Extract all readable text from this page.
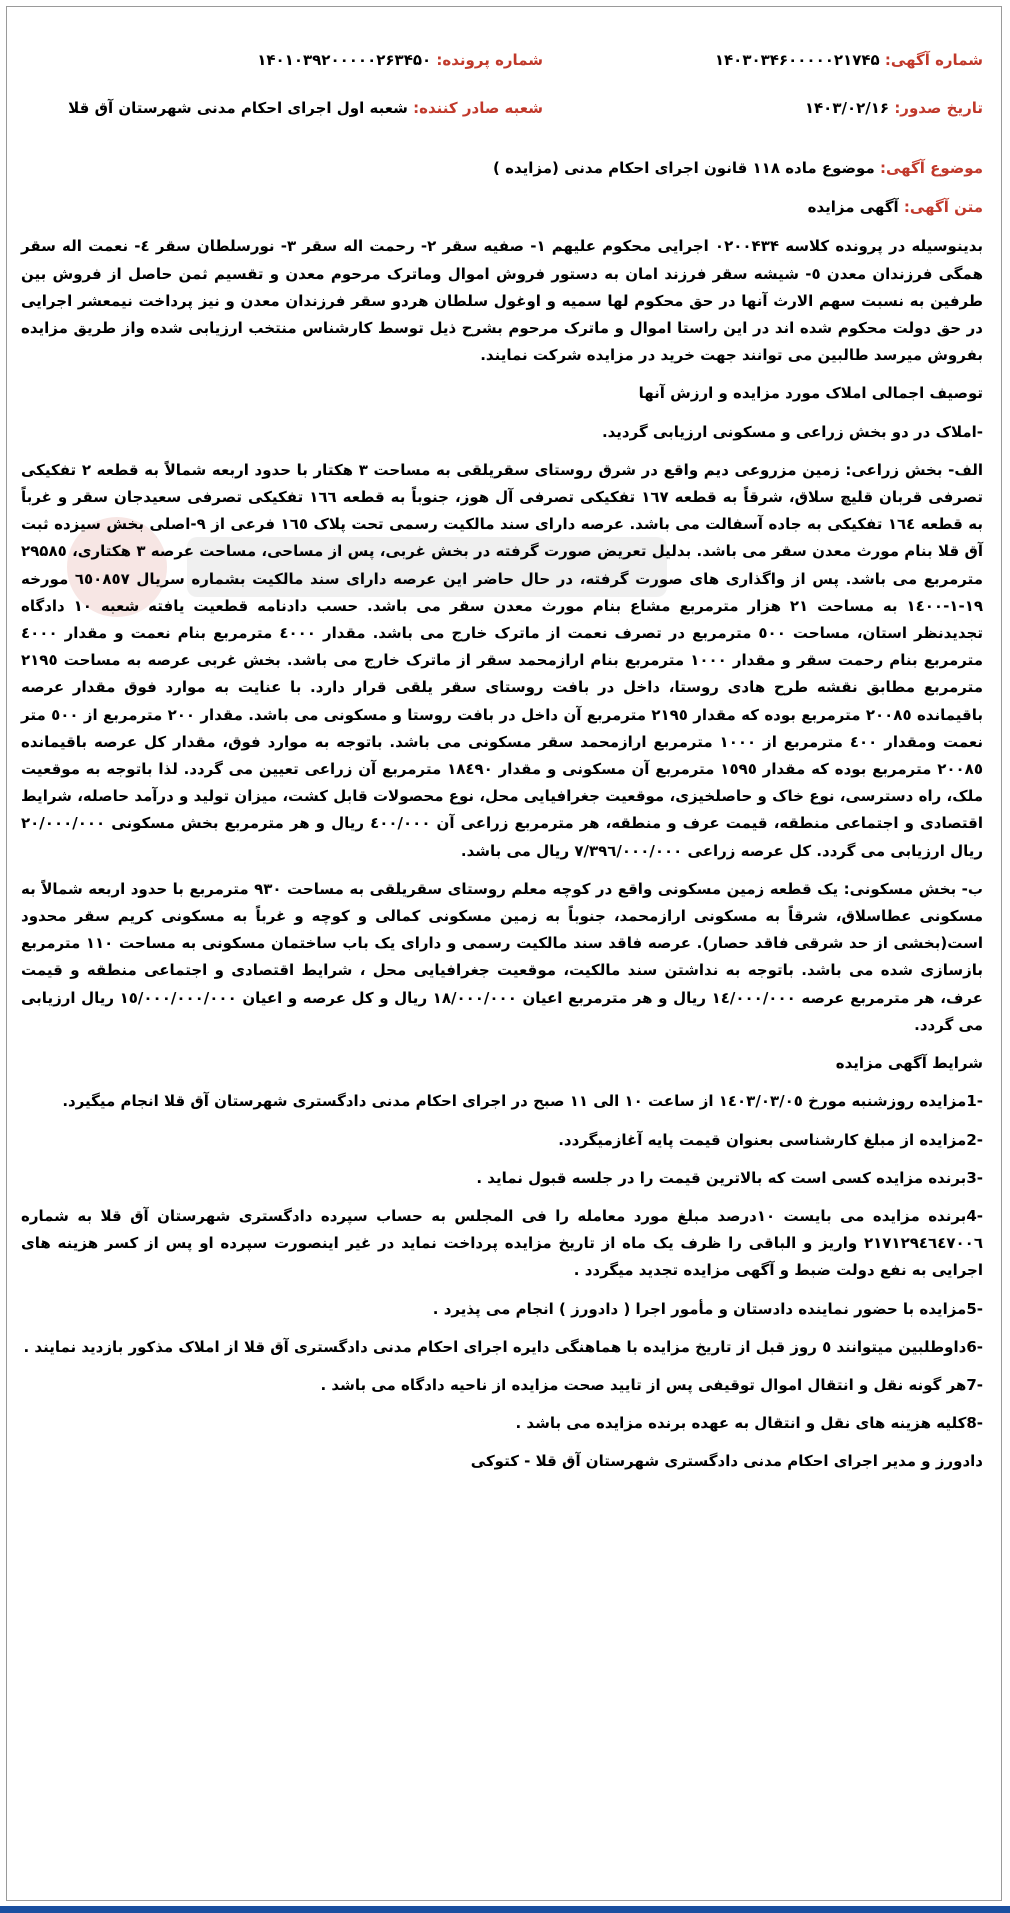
شماره آگهی: ۱۴۰۳۰۳۴۶۰۰۰۰۰۲۱۷۴۵
شماره پرونده: ۱۴۰۱۰۳۹۲۰۰۰۰۰۲۶۳۴۵۰
تاریخ صدور: ۱۴۰۳/۰۲/۱۶
شعبه صادر کننده: شعبه اول اجرای احکام مدنی شهرستان آق قلا
موضوع آگهی: موضوع ماده ۱۱۸ قانون اجرای احکام مدنی (مزایده )
متن آگهی: آگهی مزایده

بدینوسیله در پرونده کلاسه ۰۲۰۰۴۳۴ اجرایی محکوم علیهم ۱- صفیه سقر ۲- رحمت اله سقر ۳- نورسلطان سقر ٤- نعمت اله سقر همگی فرزندان معدن ٥- شیشه سقر فرزند امان به دستور فروش اموال وماترک مرحوم معدن و تقسیم ثمن حاصل از فروش بین طرفین به نسبت سهم الارث آنها در حق محکوم لها سمیه و اوغول سلطان هردو سقر فرزندان معدن و نیز پرداخت نیمعشر اجرایی در حق دولت محکوم شده اند در این راستا اموال و ماترک مرحوم بشرح ذیل توسط کارشناس منتخب ارزیابی شده واز طریق مزایده بفروش میرسد طالبین می توانند جهت خرید در مزایده شرکت نمایند.

توصیف اجمالی املاک مورد مزایده و ارزش آنها

-املاک در دو بخش زراعی و مسکونی ارزیابی گردید.

الف- بخش زراعی: زمین مزروعی دیم واقع در شرق روستای سقریلقی به مساحت ۳ هکتار با حدود اربعه شمالاً به قطعه ۲ تفکیکی تصرفی قربان قلیچ سلاق، شرقاً به قطعه ١٦٧ تفکیکی تصرفی آل هوز، جنوباً به قطعه ١٦٦ تفکیکی تصرفی سعیدجان سقر و غرباً به قطعه ١٦٤ تفکیکی به جاده آسفالت می باشد. عرصه دارای سند مالکیت رسمی تحت پلاک ١٦٥ فرعی از ۹-اصلی بخش سیزده ثبت آق قلا بنام مورث معدن سقر می باشد. بدلیل تعریض صورت گرفته در بخش غربی، پس از مساحی، مساحت عرصه ۳ هکتاری، ۲۹۵۸٥ مترمربع می باشد. پس از واگذاری های صورت گرفته، در حال حاضر این عرصه دارای سند مالکیت بشماره سریال ٦٥۰۸٥۷ مورخه ۱۹-۱-۱٤۰۰ به مساحت ۲۱ هزار مترمربع مشاع بنام مورث معدن سقر می باشد. حسب دادنامه قطعیت یافته شعبه ۱۰ دادگاه تجدیدنظر استان، مساحت ٥۰۰ مترمربع در تصرف نعمت از ماترک خارج می باشد. مقدار ٤۰۰۰ مترمربع بنام نعمت و مقدار ٤۰۰۰ مترمربع بنام رحمت سقر و مقدار ۱۰۰۰ مترمربع بنام ارازمحمد سقر از ماترک خارج می باشد. بخش غربی عرصه به مساحت ۲۱۹٥ مترمربع مطابق نقشه طرح هادی روستا، داخل در بافت روستای سقر یلقی قرار دارد. با عنایت به موارد فوق مقدار عرصه باقیمانده ۲۰۰۸٥ مترمربع بوده که مقدار ۲۱۹٥ مترمربع آن داخل در بافت روستا و مسکونی می باشد. مقدار ۲۰۰ مترمربع از ٥۰۰ متر نعمت ومقدار ٤۰۰ مترمربع از ۱۰۰۰ مترمربع ارازمحمد سقر مسکونی می باشد. باتوجه به موارد فوق، مقدار کل عرصه باقیمانده ۲۰۰۸٥ مترمربع بوده که مقدار ۱٥۹٥ مترمربع آن مسکونی و مقدار ۱۸٤۹۰ مترمربع آن زراعی تعیین می گردد. لذا باتوجه به موقعیت ملک، راه دسترسی، نوع خاک و حاصلخیزی، موقعیت جغرافیایی محل، نوع محصولات قابل کشت، میزان تولید و درآمد حاصله، شرایط اقتصادی و اجتماعی منطقه، قیمت عرف و منطقه، هر مترمربع زراعی آن ٤۰۰/۰۰۰ ریال و هر مترمربع بخش مسکونی ۲۰/۰۰۰/۰۰۰ ریال ارزیابی می گردد. کل عرصه زراعی ۷/۳۹٦/۰۰۰/۰۰۰ ریال می باشد.

ب- بخش مسکونی: یک قطعه زمین مسکونی واقع در کوچه معلم روستای سقریلقی به مساحت ۹۳۰ مترمربع با حدود اربعه شمالاً به مسکونی عطاسلاق، شرقاً به مسکونی ارازمحمد، جنوباً به زمین مسکونی کمالی و کوچه و غرباً به مسکونی کریم سقر محدود است(بخشی از حد شرقی فاقد حصار). عرصه فاقد سند مالکیت رسمی و دارای یک باب ساختمان مسکونی به مساحت ۱۱۰ مترمربع بازسازی شده می باشد. باتوجه به نداشتن سند مالکیت، موقعیت جغرافیایی محل ، شرایط اقتصادی و اجتماعی منطقه و قیمت عرف، هر مترمربع عرصه ۱٤/۰۰۰/۰۰۰ ریال و هر مترمربع اعیان ۱۸/۰۰۰/۰۰۰ ریال و کل عرصه و اعیان ۱٥/۰۰۰/۰۰۰/۰۰۰ ریال ارزیابی می گردد.

شرایط آگهی مزایده

-1مزایده روزشنبه مورخ ۱٤۰۳/۰۳/۰٥ از ساعت ۱۰ الی ۱۱ صبح در اجرای احکام مدنی دادگستری شهرستان آق قلا انجام میگیرد.

-2مزایده از مبلغ کارشناسی بعنوان قیمت پایه آغازمیگردد.

-3برنده مزایده کسی است که بالاترین قیمت را در جلسه قبول نماید .

-4برنده مزایده می بایست ۱۰درصد مبلغ مورد معامله را فی المجلس به حساب سپرده دادگستری شهرستان آق قلا به شماره ۲۱۷۱۲۹٤٦٤۷۰۰٦ واریز و الباقی را ظرف یک ماه از تاریخ مزایده پرداخت نماید در غیر اینصورت سپرده او پس از کسر هزینه های اجرایی به نفع دولت ضبط و آگهی مزایده تجدید میگردد .

-5مزایده با حضور نماینده دادستان و مأمور اجرا ( دادورز ) انجام می پذیرد .

-6داوطلبین میتوانند ٥ روز قبل از تاریخ مزایده با هماهنگی دایره اجرای احکام مدنی دادگستری آق قلا از املاک مذکور بازدید نمایند .

-7هر گونه نقل و انتقال اموال توقیفی پس از تایید صحت مزایده از ناحیه دادگاه می باشد .

-8کلیه هزینه های نقل و انتقال به عهده برنده مزایده می باشد .

دادورز و مدیر اجرای احکام مدنی دادگستری شهرستان آق قلا - کتوکی
